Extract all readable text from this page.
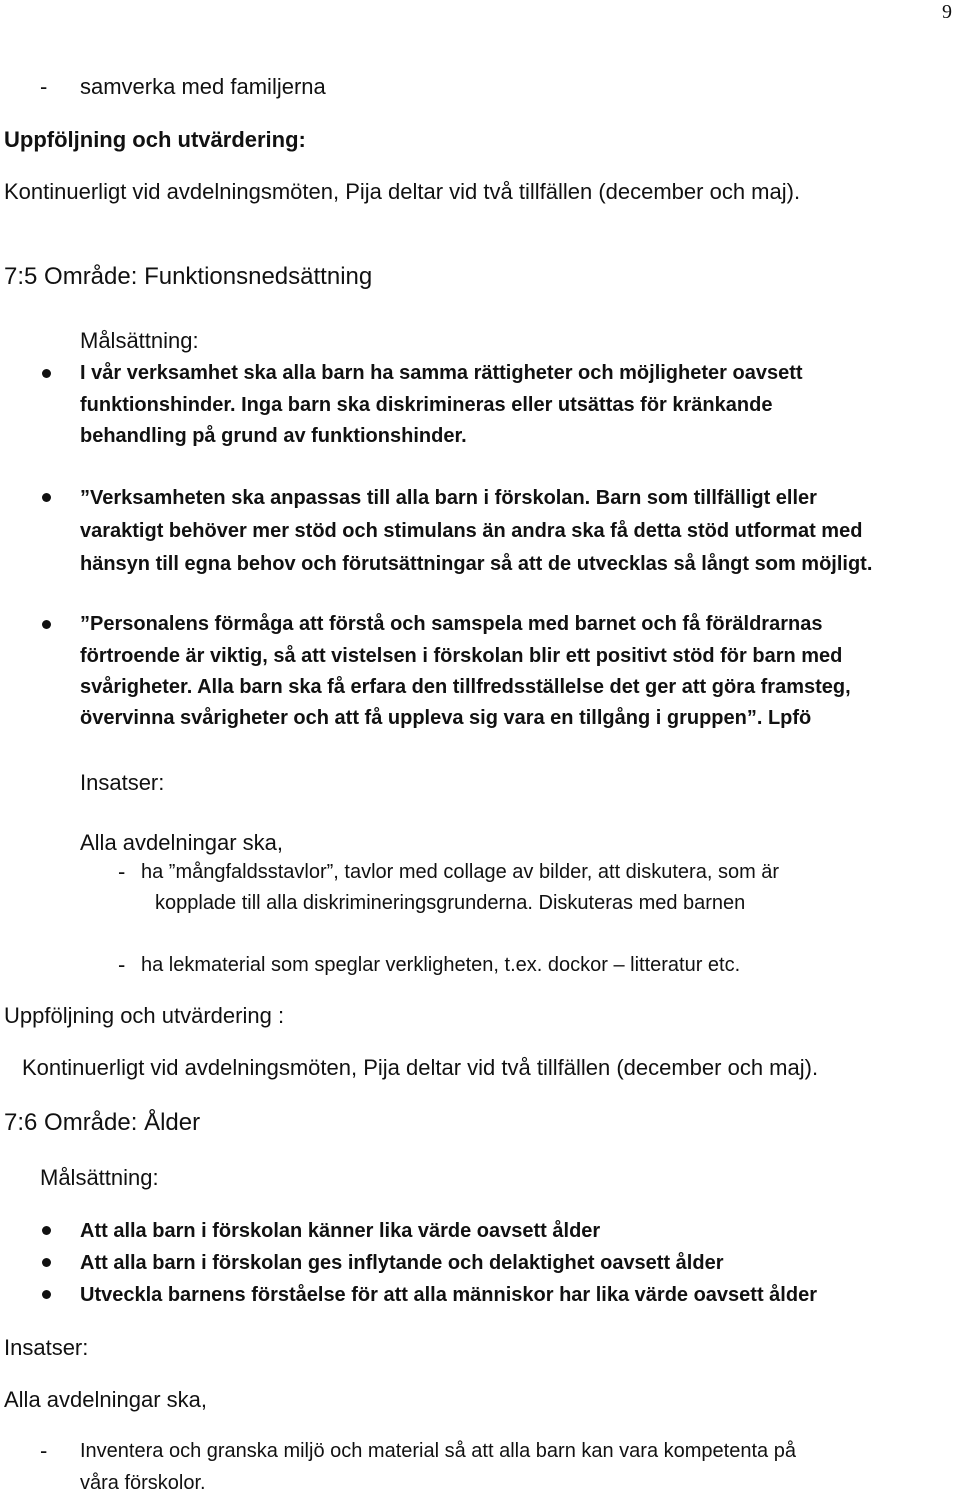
9
- samverka med familjerna
Uppföljning och utvärdering:
Kontinuerligt vid avdelningsmöten, Pija deltar vid två tillfällen (december och maj).
7:5 Område: Funktionsnedsättning
Målsättning:
I vår verksamhet ska alla barn ha samma rättigheter och möjligheter oavsett
funktionshinder. Inga barn ska diskrimineras eller utsättas för kränkande
behandling på grund av funktionshinder.
”Verksamheten ska anpassas till alla barn i förskolan. Barn som tillfälligt eller
varaktigt behöver mer stöd och stimulans än andra ska få detta stöd utformat med
hänsyn till egna behov och förutsättningar så att de utvecklas så långt som möjligt.
”Personalens förmåga att förstå och samspela med barnet och få föräldrarnas
förtroende är viktig, så att vistelsen i förskolan blir ett positivt stöd för barn med
svårigheter. Alla barn ska få erfara den tillfredsställelse det ger att göra framsteg,
övervinna svårigheter och att få uppleva sig vara en tillgång i gruppen”. Lpfö
Insatser:
Alla avdelningar ska,
- ha ”mångfaldsstavlor”, tavlor med collage av bilder, att diskutera, som är
kopplade till alla diskrimineringsgrunderna. Diskuteras med barnen
- ha lekmaterial som speglar verkligheten, t.ex. dockor – litteratur etc.
Uppföljning och utvärdering :
Kontinuerligt vid avdelningsmöten, Pija deltar vid två tillfällen (december och maj).
7:6 Område: Ålder
Målsättning:
Att alla barn i förskolan känner lika värde oavsett ålder
Att alla barn i förskolan ges inflytande och delaktighet oavsett ålder
Utveckla barnens förståelse för att alla människor har lika värde oavsett ålder
Insatser:
Alla avdelningar ska,
- Inventera och granska miljö och material så att alla barn kan vara kompetenta på
våra förskolor.
